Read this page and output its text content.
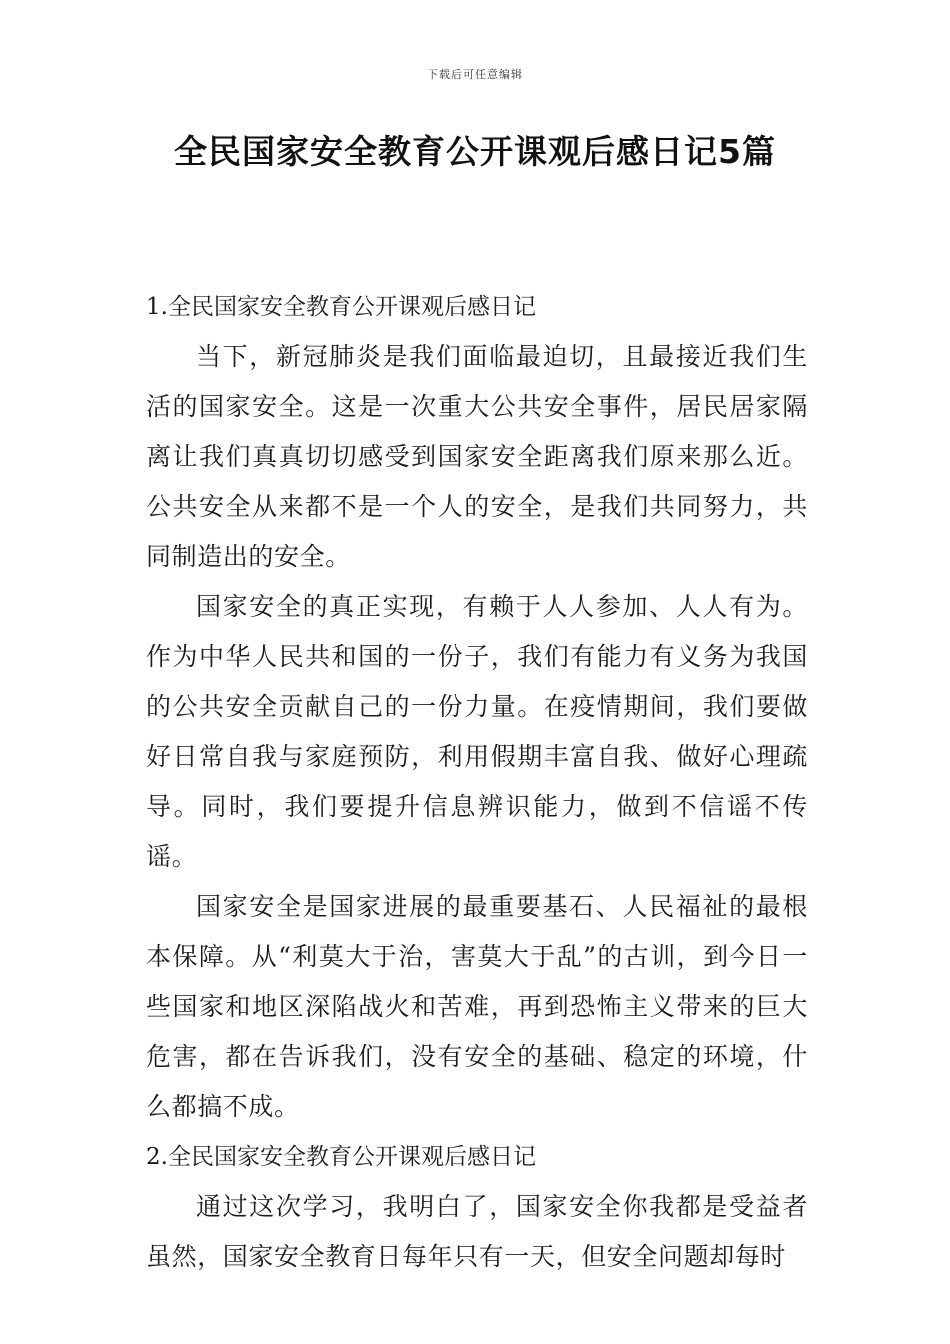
下载后可任意编辑
全民国家安全教育公开课观后感日记5篇
1.全民国家安全教育公开课观后感日记

当下，新冠肺炎是我们面临最迫切，且最接近我们生活的国家安全。这是一次重大公共安全事件，居民居家隔离让我们真真切切感受到国家安全距离我们原来那么近。公共安全从来都不是一个人的安全，是我们共同努力，共同制造出的安全。

国家安全的真正实现，有赖于人人参加、人人有为。作为中华人民共和国的一份子，我们有能力有义务为我国的公共安全贡献自己的一份力量。在疫情期间，我们要做好日常自我与家庭预防，利用假期丰富自我、做好心理疏导。同时，我们要提升信息辨识能力，做到不信谣不传谣。

国家安全是国家进展的最重要基石、人民福祉的最根本保障。从“利莫大于治，害莫大于乱”的古训，到今日一些国家和地区深陷战火和苦难，再到恐怖主义带来的巨大危害，都在告诉我们，没有安全的基础、稳定的环境，什么都搞不成。

2.全民国家安全教育公开课观后感日记

通过这次学习，我明白了，国家安全你我都是受益者虽然，国家安全教育日每年只有一天，但安全问题却每时
